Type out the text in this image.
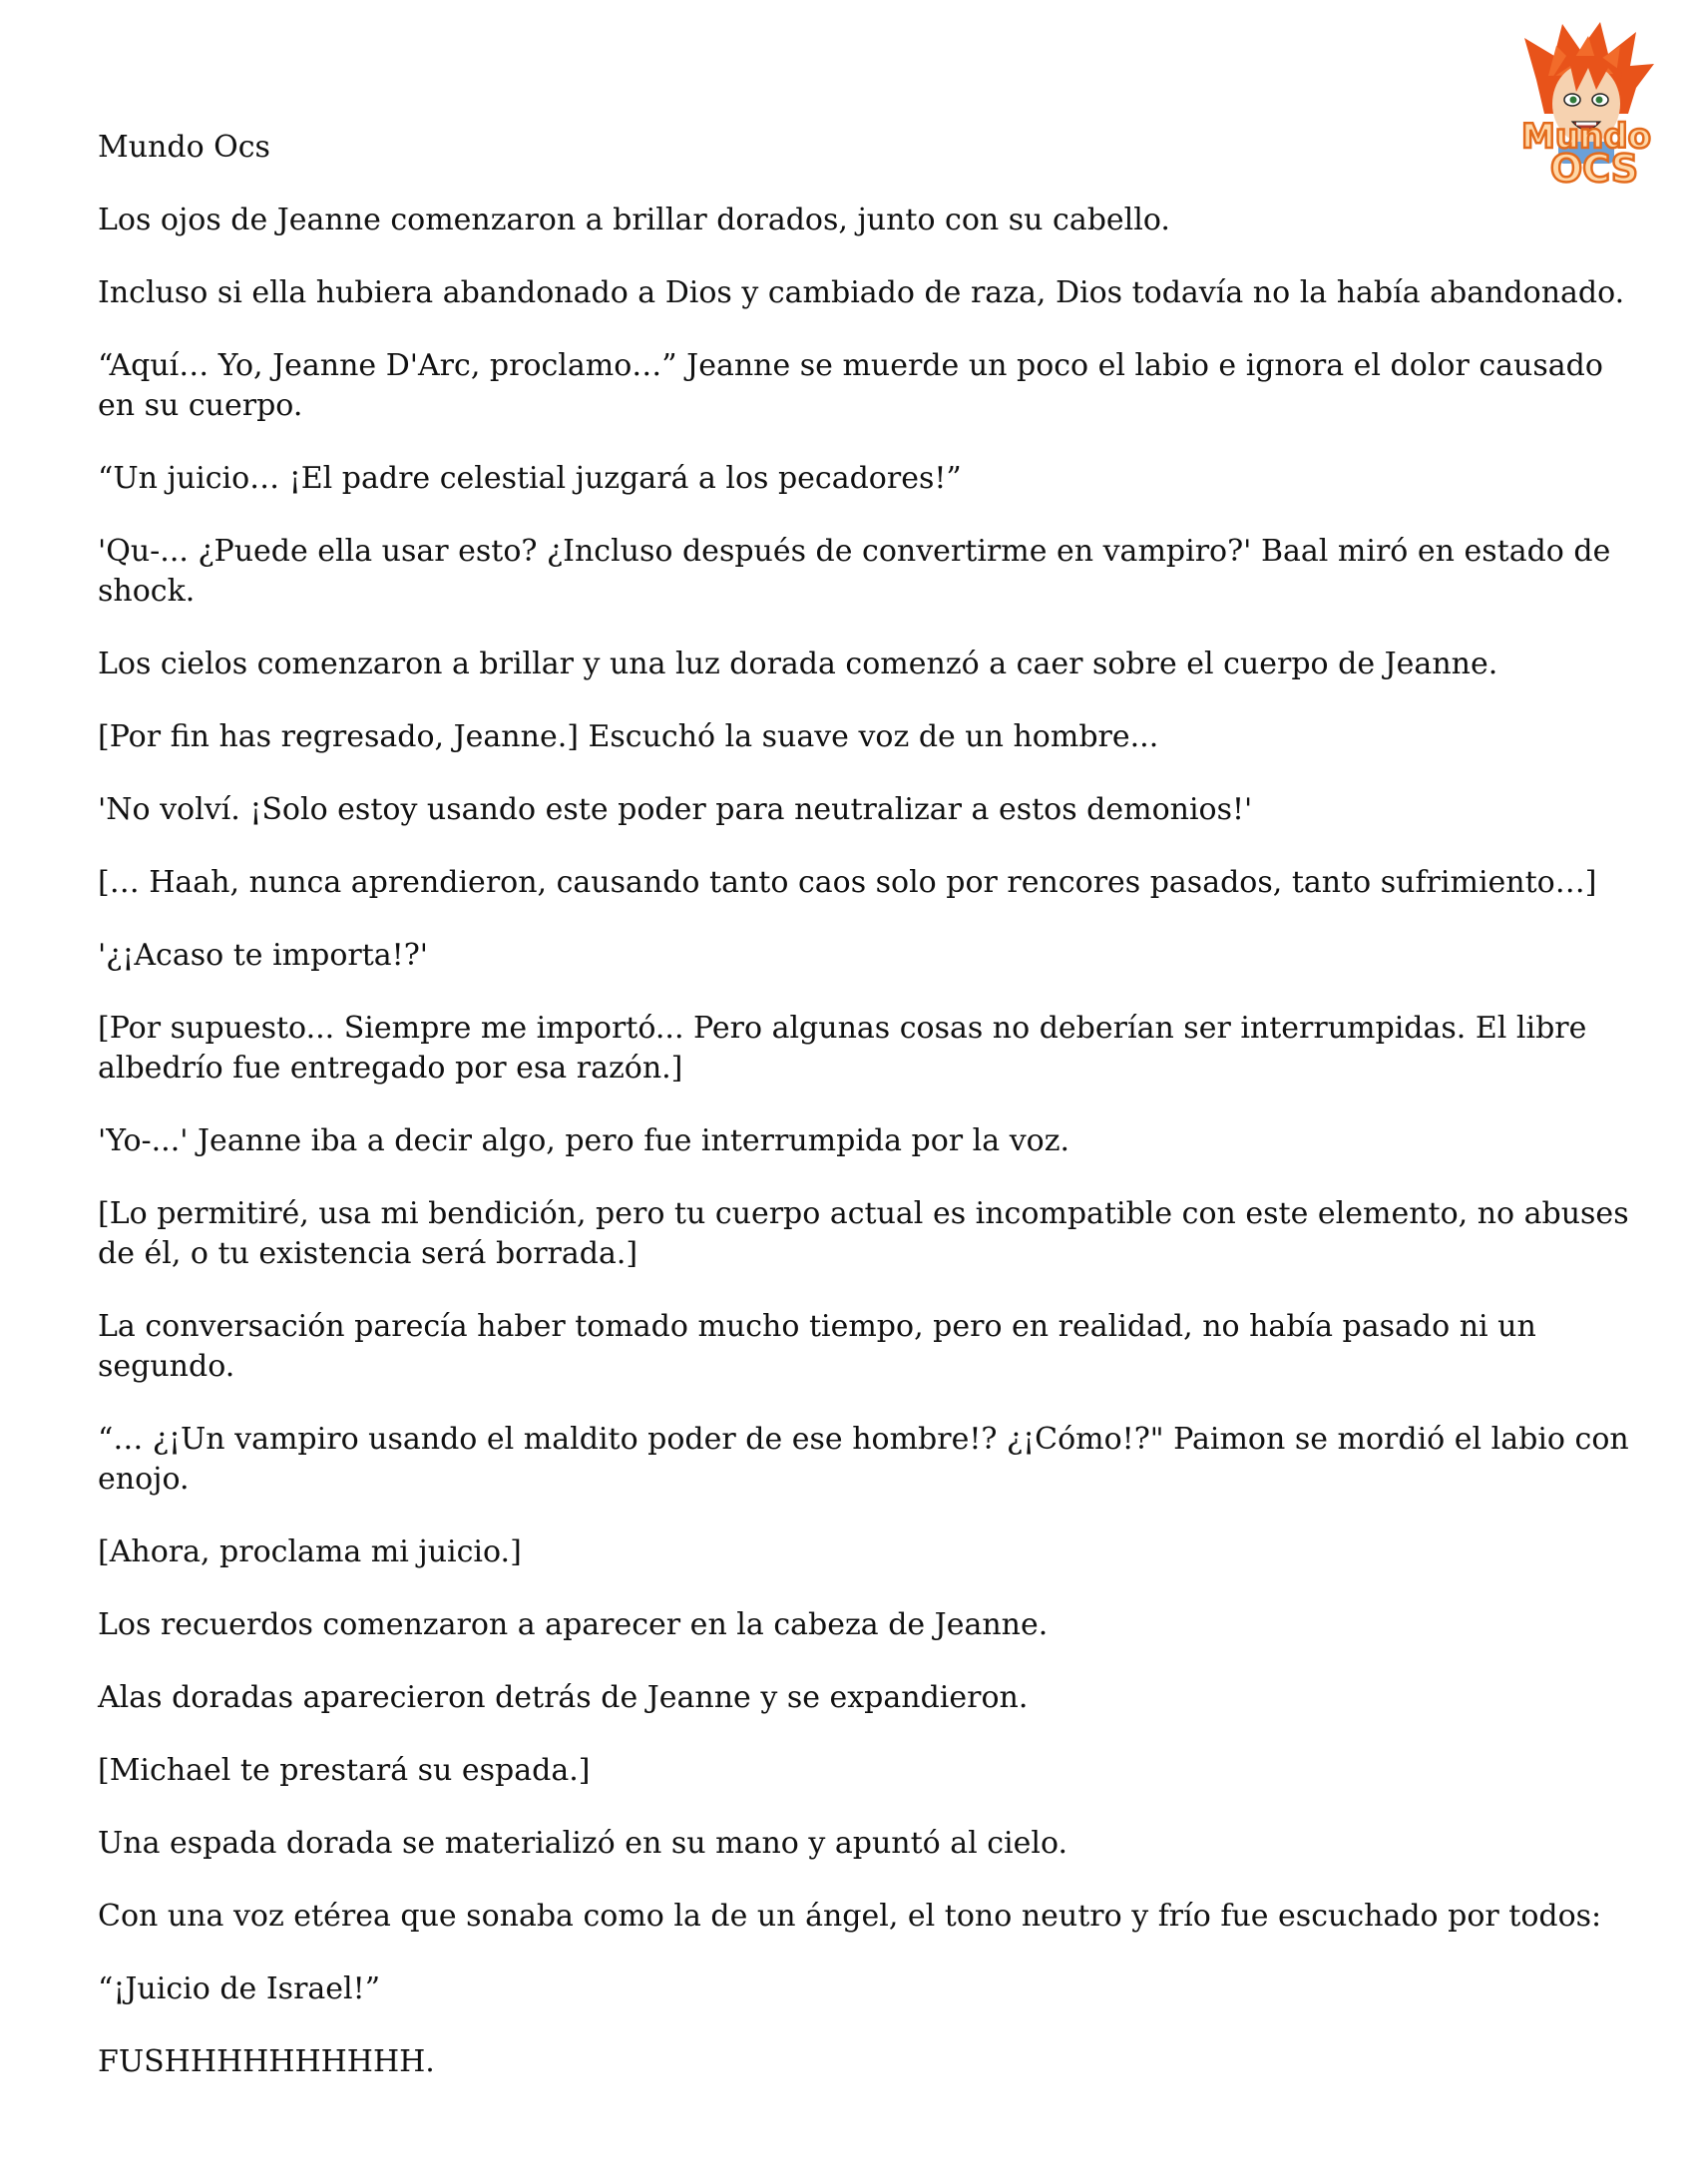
Mundo
OCS

Mundo Ocs

Los ojos de Jeanne comenzaron a brillar dorados, junto con su cabello.

Incluso si ella hubiera abandonado a Dios y cambiado de raza, Dios todavía no la había abandonado.

“Aquí… Yo, Jeanne D'Arc, proclamo…” Jeanne se muerde un poco el labio e ignora el dolor causado en su cuerpo.

“Un juicio… ¡El padre celestial juzgará a los pecadores!”

'Qu-... ¿Puede ella usar esto? ¿Incluso después de convertirme en vampiro?' Baal miró en estado de shock.

Los cielos comenzaron a brillar y una luz dorada comenzó a caer sobre el cuerpo de Jeanne.

[Por fin has regresado, Jeanne.] Escuchó la suave voz de un hombre...

'No volví. ¡Solo estoy usando este poder para neutralizar a estos demonios!'

[… Haah, nunca aprendieron, causando tanto caos solo por rencores pasados, tanto sufrimiento…]

'¿¡Acaso te importa!?'

[Por supuesto... Siempre me importó... Pero algunas cosas no deberían ser interrumpidas. El libre albedrío fue entregado por esa razón.]

'Yo-...' Jeanne iba a decir algo, pero fue interrumpida por la voz.

[Lo permitiré, usa mi bendición, pero tu cuerpo actual es incompatible con este elemento, no abuses de él, o tu existencia será borrada.]

La conversación parecía haber tomado mucho tiempo, pero en realidad, no había pasado ni un segundo.

“… ¿¡Un vampiro usando el maldito poder de ese hombre!? ¿¡Cómo!?" Paimon se mordió el labio con enojo.

[Ahora, proclama mi juicio.]

Los recuerdos comenzaron a aparecer en la cabeza de Jeanne.

Alas doradas aparecieron detrás de Jeanne y se expandieron.

[Michael te prestará su espada.]

Una espada dorada se materializó en su mano y apuntó al cielo.

Con una voz etérea que sonaba como la de un ángel, el tono neutro y frío fue escuchado por todos:

“¡Juicio de Israel!”

FUSHHHHHHHHHH.
